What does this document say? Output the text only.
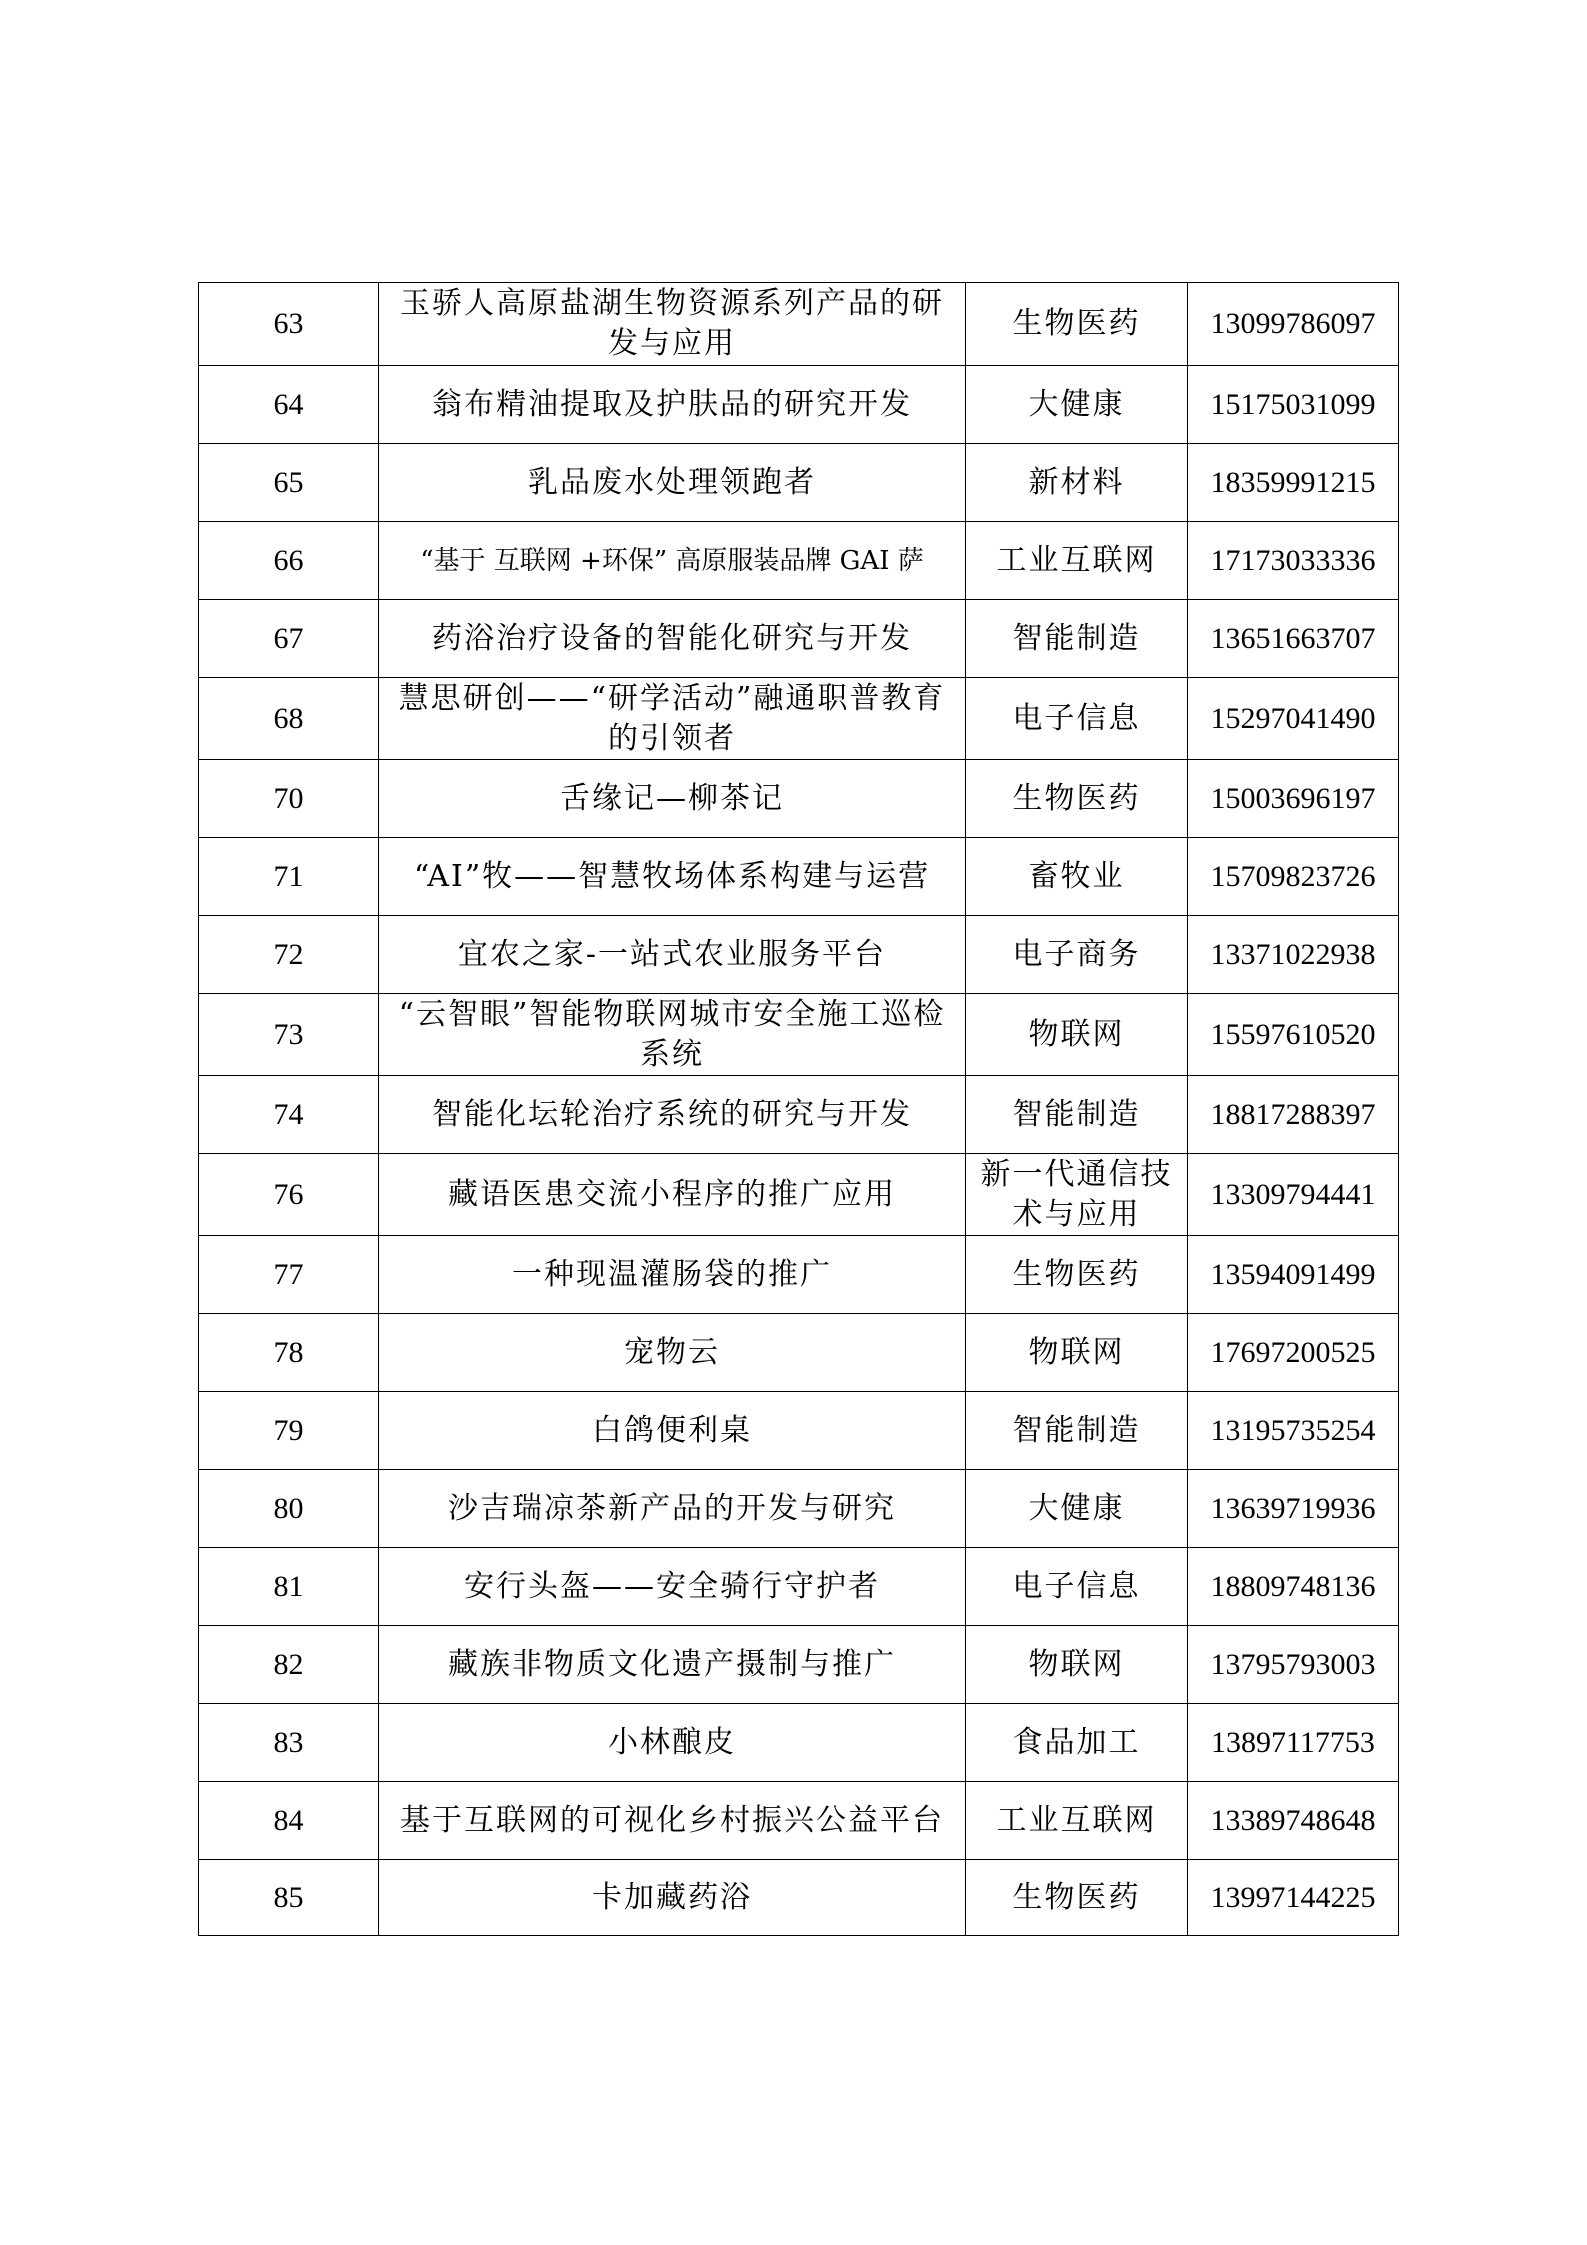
63	玉骄人高原盐湖生物资源系列产品的研发与应用	生物医药	13099786097
64	翁布精油提取及护肤品的研究开发	大健康	15175031099
65	乳品废水处理领跑者	新材料	18359991215
66	“基于 互联网 +环保” 高原服装品牌 GAI 萨	工业互联网	17173033336
67	药浴治疗设备的智能化研究与开发	智能制造	13651663707
68	慧思研创——“研学活动”融通职普教育的引领者	电子信息	15297041490
70	舌缘记—柳茶记	生物医药	15003696197
71	“AI”牧——智慧牧场体系构建与运营	畜牧业	15709823726
72	宜农之家-一站式农业服务平台	电子商务	13371022938
73	“云智眼”智能物联网城市安全施工巡检系统	物联网	15597610520
74	智能化坛轮治疗系统的研究与开发	智能制造	18817288397
76	藏语医患交流小程序的推广应用	新一代通信技术与应用	13309794441
77	一种现温灌肠袋的推广	生物医药	13594091499
78	宠物云	物联网	17697200525
79	白鸽便利桌	智能制造	13195735254
80	沙吉瑞凉茶新产品的开发与研究	大健康	13639719936
81	安行头盔——安全骑行守护者	电子信息	18809748136
82	藏族非物质文化遗产摄制与推广	物联网	13795793003
83	小林酿皮	食品加工	13897117753
84	基于互联网的可视化乡村振兴公益平台	工业互联网	13389748648
85	卡加藏药浴	生物医药	13997144225
